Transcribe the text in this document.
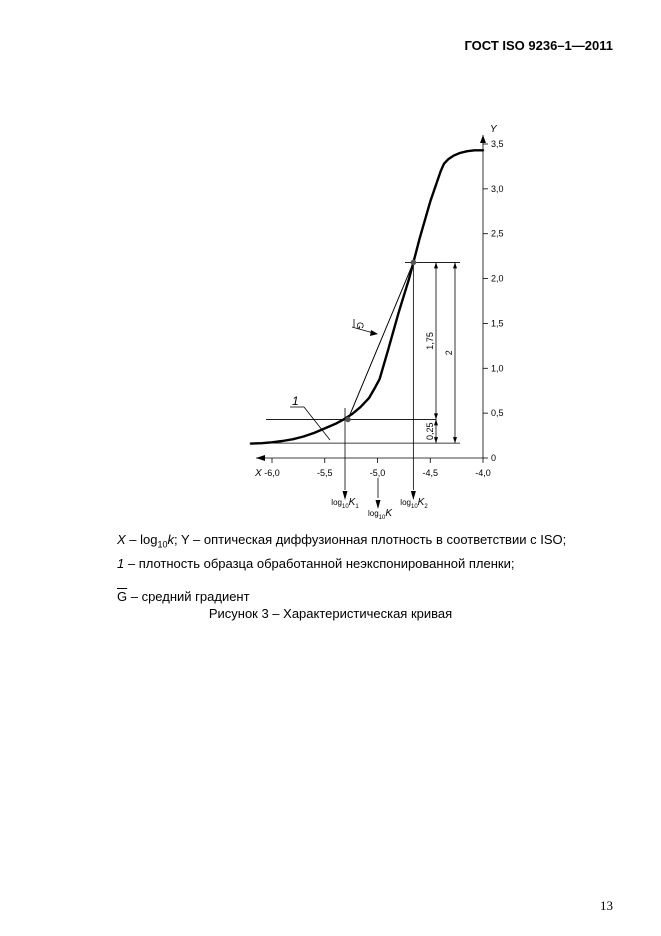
ГОСТ ISO 9236–1—2011
0
0,5
1,0
1,5
2,0
2,5
3,0
3,5
-6,0	-5,5	-5,0	-4,5	-4,0
0,25
1,75
2
Y
X
1
G
$\log_{10}K_1$
$\log_{10}K$
$\log_{10}K_2$
X – $\log_{10}k$; Y – оптическая диффузионная плотность в соответствии с ISO;
1 – плотность образца обработанной неэкспонированной пленки;
$\overline{G}$ – средний градиент
Рисунок 3 – Характеристическая кривая
13
